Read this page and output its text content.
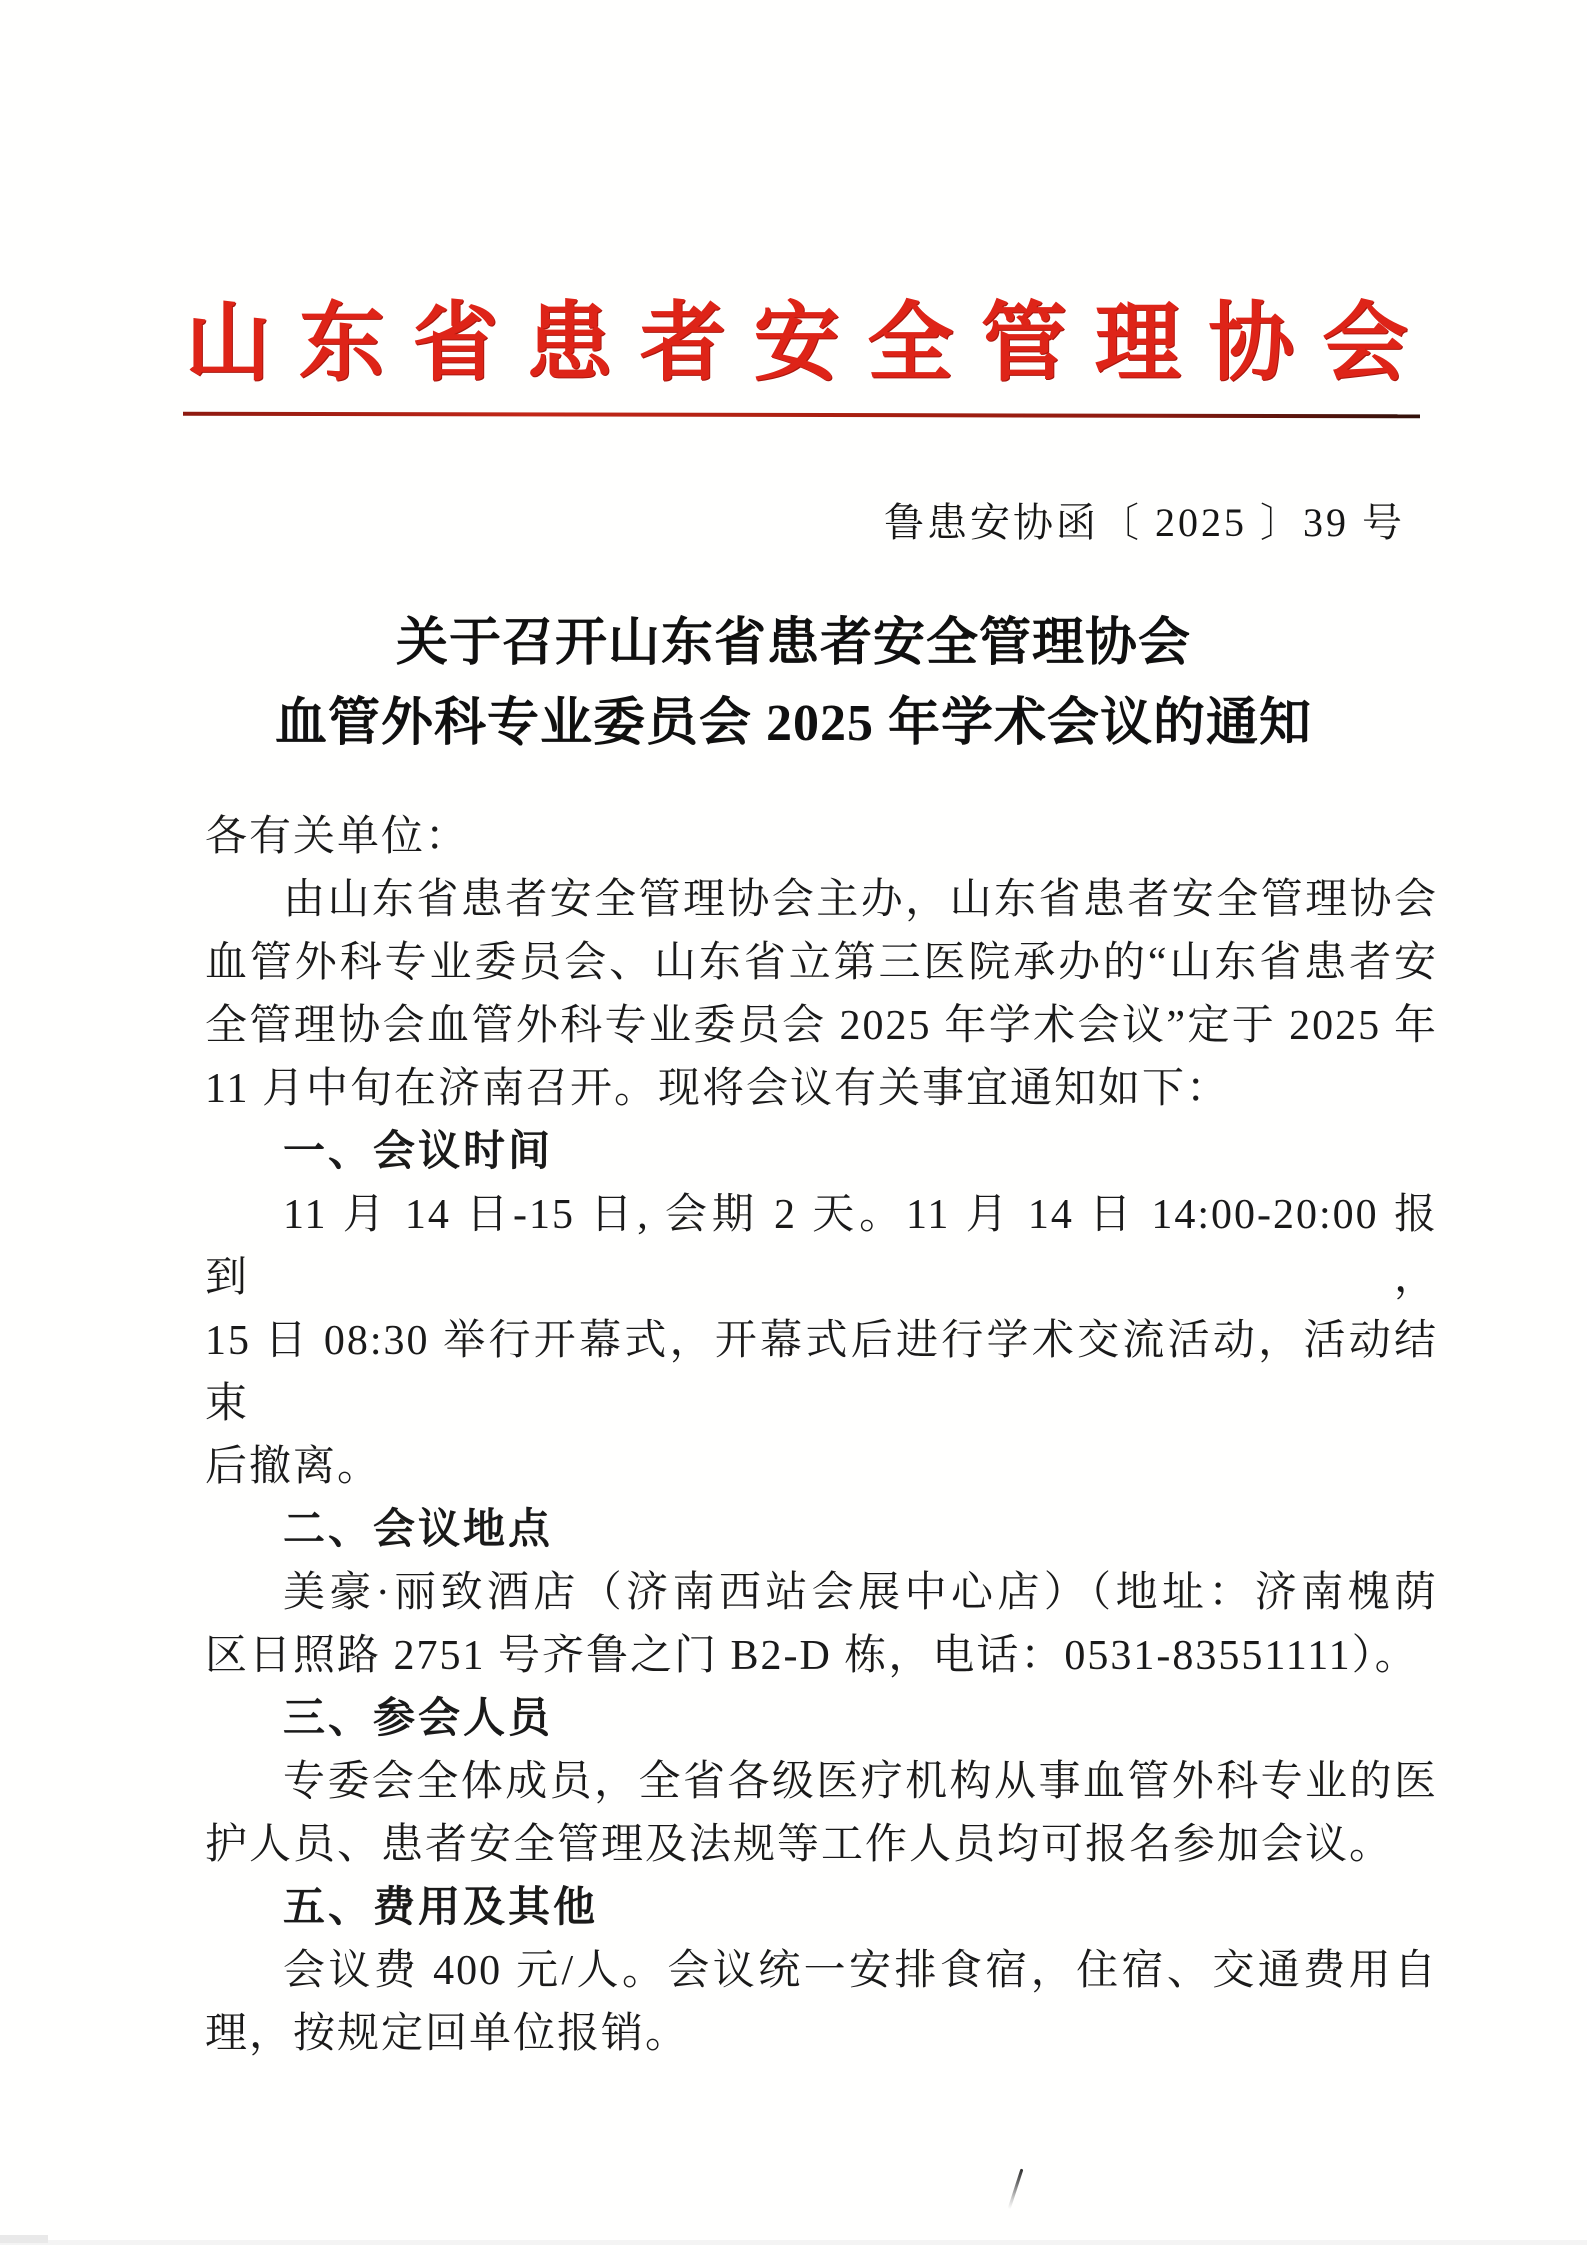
山东省患者安全管理协会
鲁患安协函〔 2025 〕39 号
关于召开山东省患者安全管理协会
血管外科专业委员会 2025 年学术会议的通知
各有关单位：
由山东省患者安全管理协会主办，山东省患者安全管理协会
血管外科专业委员会、山东省立第三医院承办的“山东省患者安
全管理协会血管外科专业委员会 2025 年学术会议”定于 2025 年
11 月中旬在济南召开。现将会议有关事宜通知如下：
一、会议时间
11 月 14 日-15 日, 会期 2 天。11 月 14 日 14:00-20:00 报到，
15 日 08:30 举行开幕式，开幕式后进行学术交流活动，活动结束
后撤离。
二、会议地点
美豪·丽致酒店（济南西站会展中心店）（地址：济南槐荫
区日照路 2751 号齐鲁之门 B2-D 栋，电话：0531-83551111）。
三、参会人员
专委会全体成员，全省各级医疗机构从事血管外科专业的医
护人员、患者安全管理及法规等工作人员均可报名参加会议。
五、费用及其他
会议费 400 元/人。会议统一安排食宿，住宿、交通费用自
理，按规定回单位报销。
